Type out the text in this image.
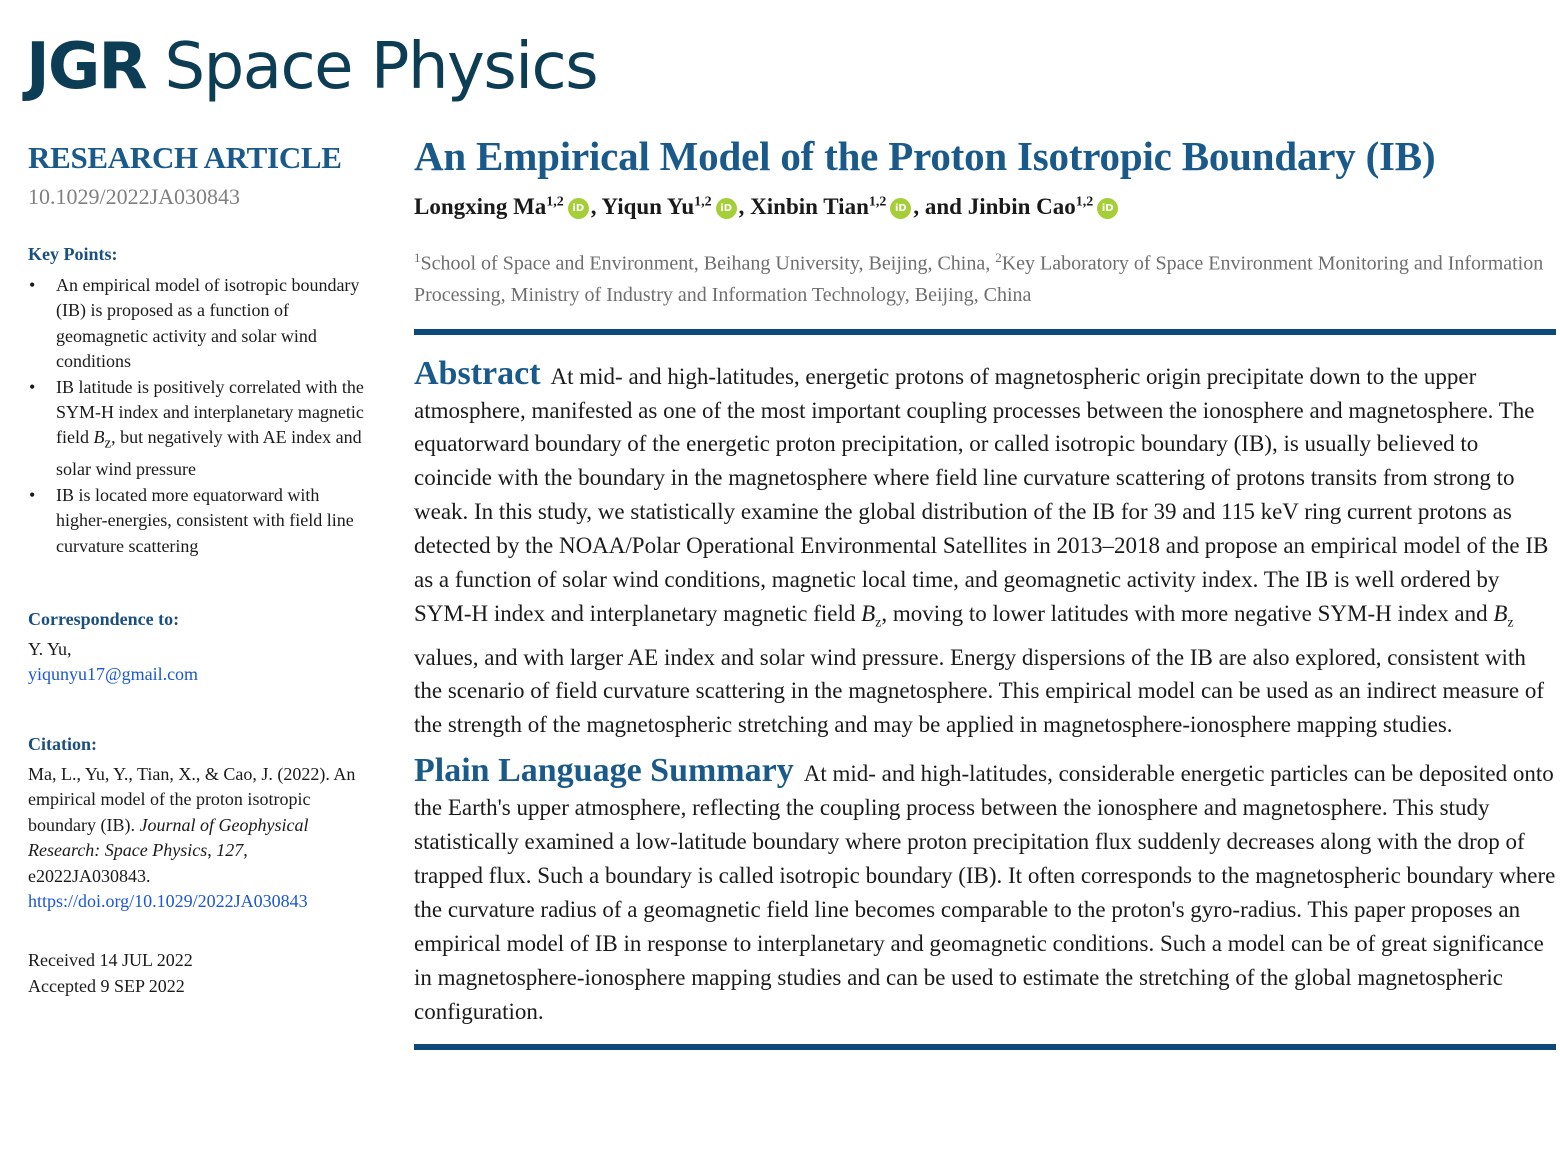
JGR Space Physics
RESEARCH ARTICLE
10.1029/2022JA030843
Key Points:
• An empirical model of isotropic boundary (IB) is proposed as a function of geomagnetic activity and solar wind conditions
• IB latitude is positively correlated with the SYM-H index and interplanetary magnetic field $B_z$, but negatively with AE index and solar wind pressure
• IB is located more equatorward with higher-energies, consistent with field line curvature scattering
Correspondence to:
Y. Yu,
yiqunyu17@gmail.com
Citation:
Ma, L., Yu, Y., Tian, X., & Cao, J. (2022). An empirical model of the proton isotropic boundary (IB). Journal of Geophysical Research: Space Physics, 127, e2022JA030843. https://doi.org/10.1029/2022JA030843
Received 14 JUL 2022
Accepted 9 SEP 2022
An Empirical Model of the Proton Isotropic Boundary (IB)
Longxing Ma$^{1,2}$ iD , Yiqun Yu$^{1,2}$ iD , Xinbin Tian$^{1,2}$ iD , and Jinbin Cao$^{1,2}$ iD
$^1$School of Space and Environment, Beihang University, Beijing, China, $^2$Key Laboratory of Space Environment Monitoring and Information Processing, Ministry of Industry and Information Technology, Beijing, China

Abstract At mid- and high-latitudes, energetic protons of magnetospheric origin precipitate down to the upper atmosphere, manifested as one of the most important coupling processes between the ionosphere and magnetosphere. The equatorward boundary of the energetic proton precipitation, or called isotropic boundary (IB), is usually believed to coincide with the boundary in the magnetosphere where field line curvature scattering of protons transits from strong to weak. In this study, we statistically examine the global distribution of the IB for 39 and 115 keV ring current protons as detected by the NOAA/Polar Operational Environmental Satellites in 2013–2018 and propose an empirical model of the IB as a function of solar wind conditions, magnetic local time, and geomagnetic activity index. The IB is well ordered by SYM-H index and interplanetary magnetic field $B_z$, moving to lower latitudes with more negative SYM-H index and $B_z$ values, and with larger AE index and solar wind pressure. Energy dispersions of the IB are also explored, consistent with the scenario of field curvature scattering in the magnetosphere. This empirical model can be used as an indirect measure of the strength of the magnetospheric stretching and may be applied in magnetosphere-ionosphere mapping studies.

Plain Language Summary At mid- and high-latitudes, considerable energetic particles can be deposited onto the Earth's upper atmosphere, reflecting the coupling process between the ionosphere and magnetosphere. This study statistically examined a low-latitude boundary where proton precipitation flux suddenly decreases along with the drop of trapped flux. Such a boundary is called isotropic boundary (IB). It often corresponds to the magnetospheric boundary where the curvature radius of a geomagnetic field line becomes comparable to the proton's gyro-radius. This paper proposes an empirical model of IB in response to interplanetary and geomagnetic conditions. Such a model can be of great significance in magnetosphere-ionosphere mapping studies and can be used to estimate the stretching of the global magnetospheric configuration.
